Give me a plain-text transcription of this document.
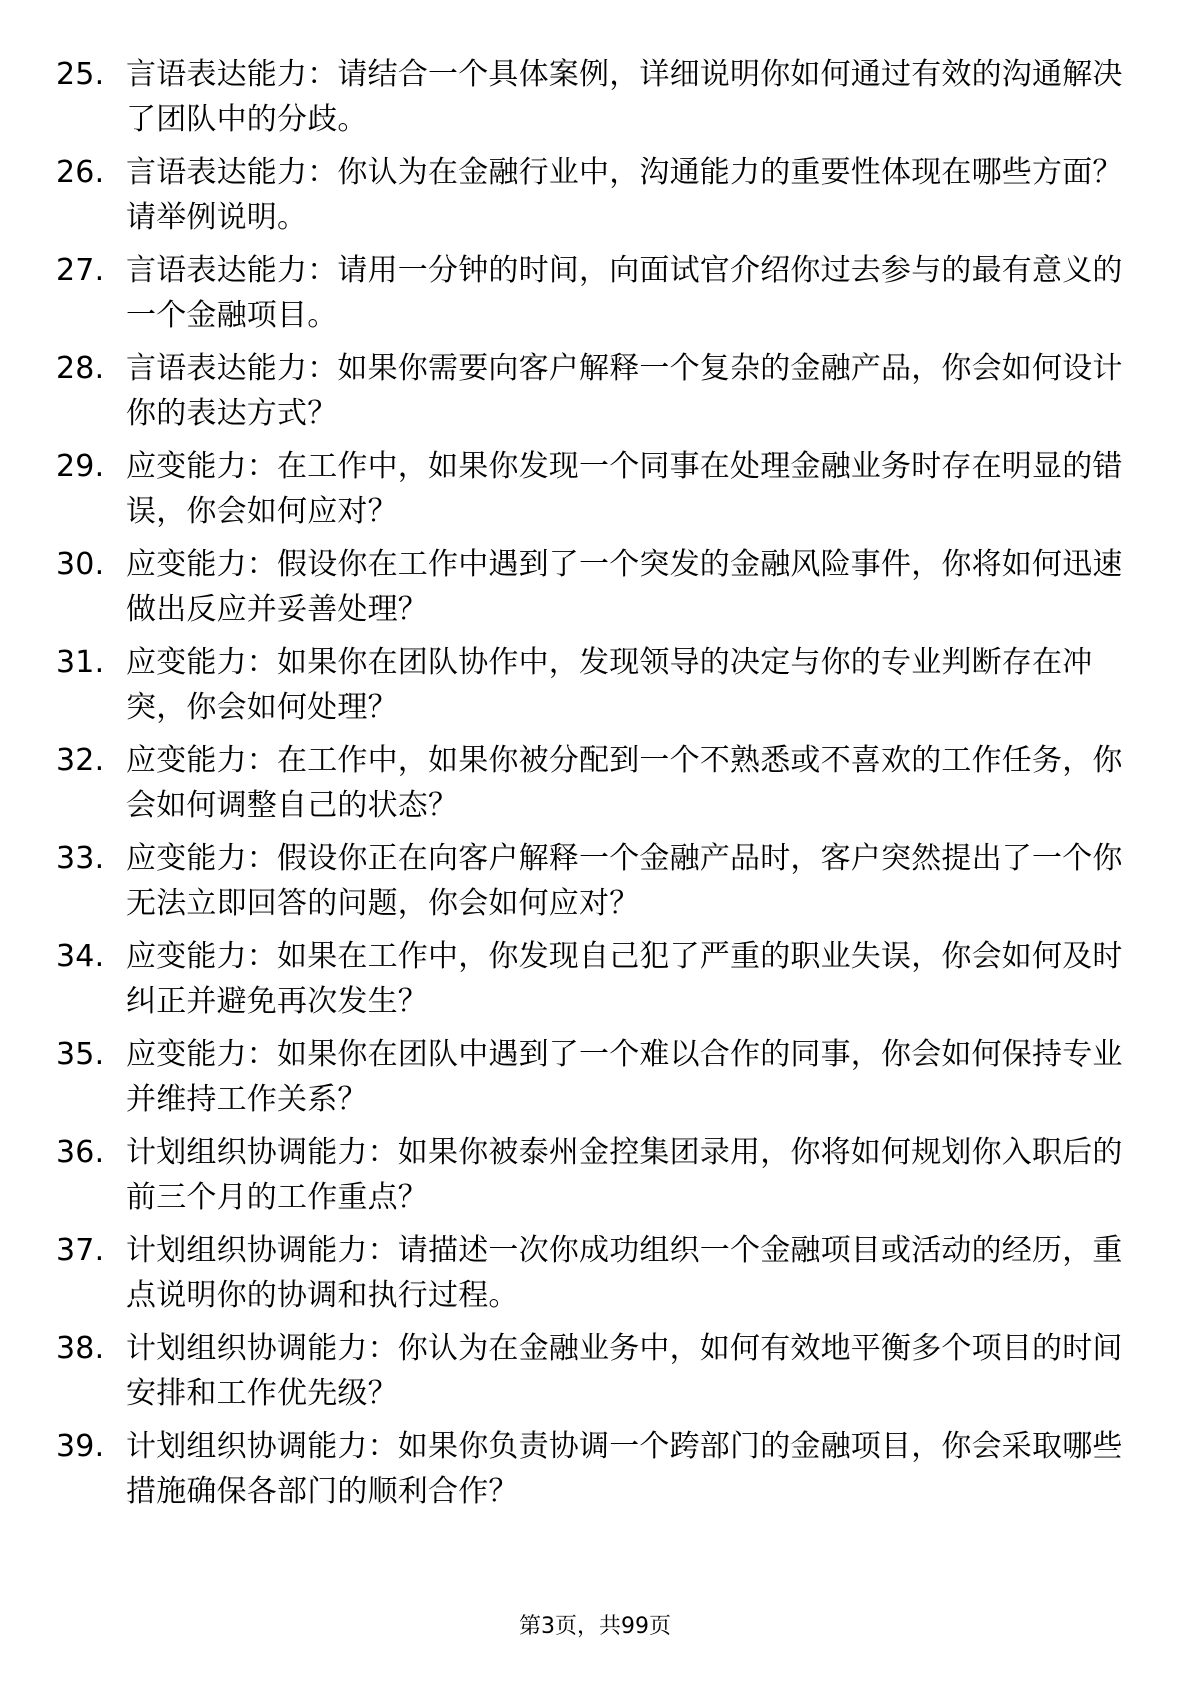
25. 言语表达能力：请结合一个具体案例，详细说明你如何通过有效的沟通解决了团队中的分歧。
26. 言语表达能力：你认为在金融行业中，沟通能力的重要性体现在哪些方面？请举例说明。
27. 言语表达能力：请用一分钟的时间，向面试官介绍你过去参与的最有意义的一个金融项目。
28. 言语表达能力：如果你需要向客户解释一个复杂的金融产品，你会如何设计你的表达方式？
29. 应变能力：在工作中，如果你发现一个同事在处理金融业务时存在明显的错误，你会如何应对？
30. 应变能力：假设你在工作中遇到了一个突发的金融风险事件，你将如何迅速做出反应并妥善处理？
31. 应变能力：如果你在团队协作中，发现领导的决定与你的专业判断存在冲突，你会如何处理？
32. 应变能力：在工作中，如果你被分配到一个不熟悉或不喜欢的工作任务，你会如何调整自己的状态？
33. 应变能力：假设你正在向客户解释一个金融产品时，客户突然提出了一个你无法立即回答的问题，你会如何应对？
34. 应变能力：如果在工作中，你发现自己犯了严重的职业失误，你会如何及时纠正并避免再次发生？
35. 应变能力：如果你在团队中遇到了一个难以合作的同事，你会如何保持专业并维持工作关系？
36. 计划组织协调能力：如果你被泰州金控集团录用，你将如何规划你入职后的前三个月的工作重点？
37. 计划组织协调能力：请描述一次你成功组织一个金融项目或活动的经历，重点说明你的协调和执行过程。
38. 计划组织协调能力：你认为在金融业务中，如何有效地平衡多个项目的时间安排和工作优先级？
39. 计划组织协调能力：如果你负责协调一个跨部门的金融项目，你会采取哪些措施确保各部门的顺利合作？
第3页，共99页
